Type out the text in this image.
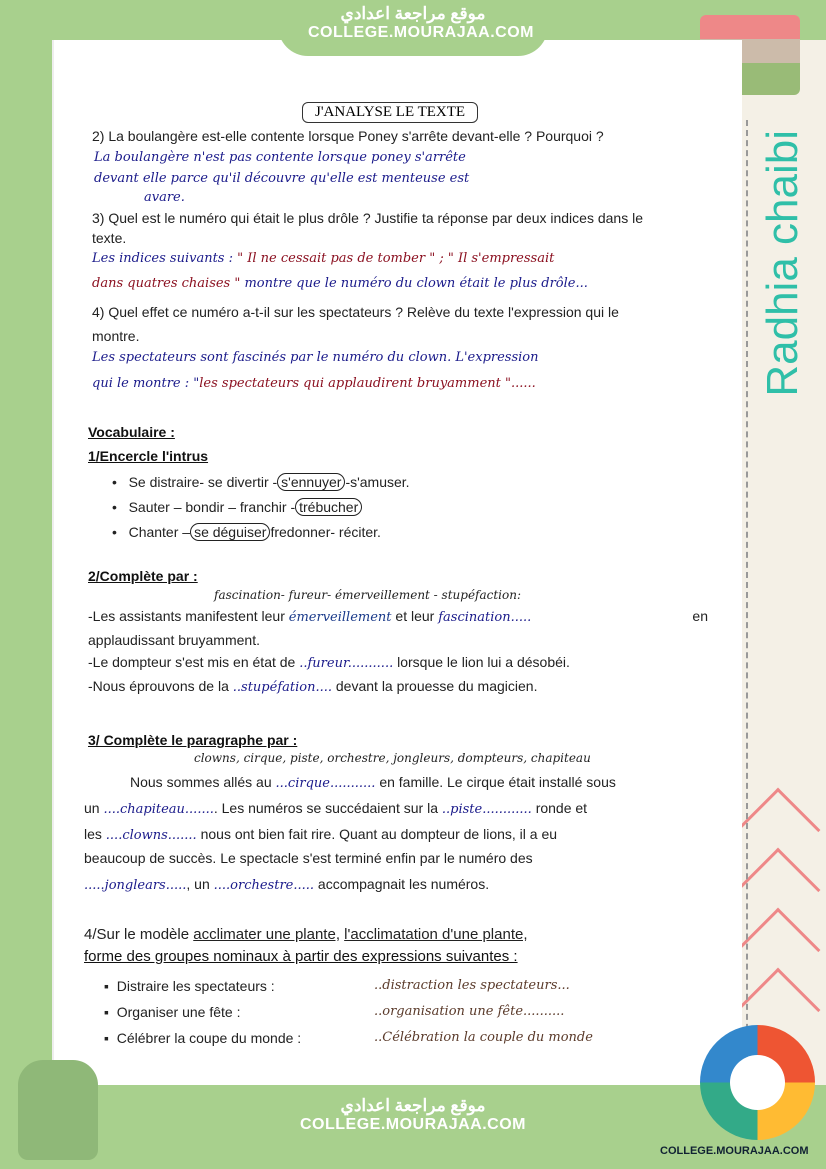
J'ANALYSE LE TEXTE
2) La boulangère est-elle contente lorsque Poney s'arrête devant-elle ? Pourquoi ?
La boulangère n'est pas contente lorsque poney s'arrête
devant elle parce qu'il découvre qu'elle est menteuse est
avare.
3) Quel est le numéro qui était le plus drôle ? Justifie ta réponse par deux indices dans le
texte.
Les indices suivants : " Il ne cessait pas de tomber " ; " Il s'empressait
dans quatres chaises " montre que le numéro du clown était le plus drôle...
4) Quel effet ce numéro a-t-il sur les spectateurs ? Relève du texte l'expression qui le
montre.
Les spectateurs sont fascinés par le numéro du clown. L'expression
qui le montre : "les spectateurs qui applaudirent bruyamment "......
Vocabulaire :
1/Encercle l'intrus
•   Se distraire- se divertir - s'ennuyer -s'amuser.
•   Sauter – bondir – franchir - trébucher
•   Chanter – se déguiser fredonner- réciter.
2/Complète par :
fascination- fureur- émerveillement - stupéfaction:
-Les assistants manifestent leur émerveillement et leur fascination.....	en
applaudissant bruyamment.
-Le dompteur s'est mis en état de ..fureur........... lorsque le lion lui a désobéi.
-Nous éprouvons de la ..stupéfation.... devant la prouesse du magicien.
3/ Complète le paragraphe par :
clowns, cirque, piste, orchestre, jongleurs, dompteurs, chapiteau
Nous sommes allés au ...cirque........... en famille. Le cirque était installé sous
un ....chapiteau........ Les numéros se succédaient sur la ..piste............ ronde et
les ....clowns....... nous ont bien fait rire. Quant au dompteur de lions, il a eu
beaucoup de succès. Le spectacle s'est terminé enfin par le numéro des
.....jonglears....., un ....orchestre..... accompagnait les numéros.
4/Sur le modèle acclimater une plante, l'acclimatation d'une plante,
forme des groupes nominaux à partir des expressions suivantes :
▪  Distraire les spectateurs :	..distraction les spectateurs...
▪  Organiser une fête :	..organisation une fête..........
▪  Célébrer la coupe du monde :	..Célébration la couple du monde
Radhia chaibi
موقع مراجعة اعدادي
COLLEGE.MOURAJAA.COM
موقع مراجعة اعدادي
COLLEGE.MOURAJAA.COM
COLLEGE.MOURAJAA.COM
